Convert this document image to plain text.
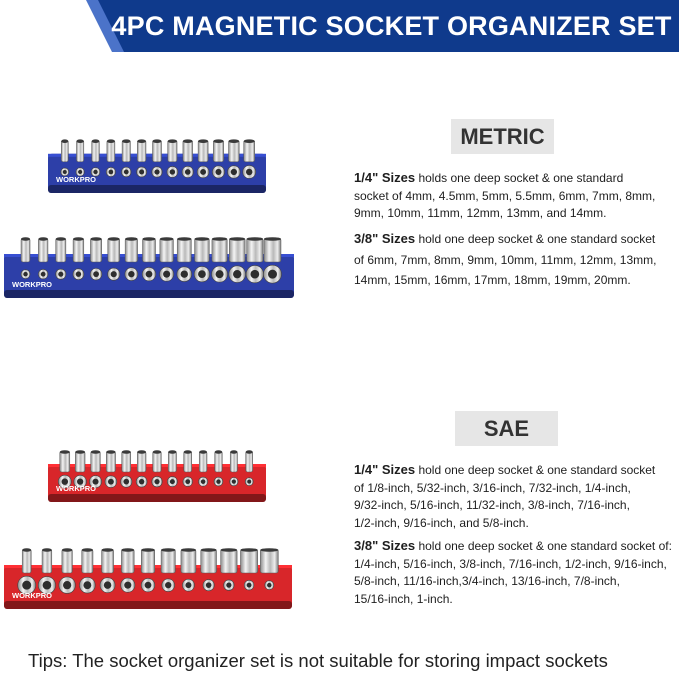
4PC MAGNETIC SOCKET ORGANIZER SET
METRIC
SAE
WORKPRO
WORKPRO
WORKPRO
WORKPRO
1/4" Sizes holds one deep socket & one standard
socket of 4mm, 4.5mm, 5mm, 5.5mm, 6mm, 7mm, 8mm,
9mm, 10mm, 11mm, 12mm, 13mm, and 14mm.
3/8" Sizes hold one deep socket & one standard socket
of 6mm, 7mm, 8mm, 9mm, 10mm, 11mm, 12mm, 13mm,
14mm, 15mm, 16mm, 17mm, 18mm, 19mm, 20mm.
1/4" Sizes hold one deep socket & one standard socket
of 1/8-inch, 5/32-inch, 3/16-inch, 7/32-inch, 1/4-inch,
9/32-inch, 5/16-inch, 11/32-inch, 3/8-inch, 7/16-inch,
1/2-inch, 9/16-inch, and 5/8-inch.
3/8" Sizes hold one deep socket & one standard socket of:
1/4-inch, 5/16-inch, 3/8-inch, 7/16-inch, 1/2-inch, 9/16-inch,
5/8-inch, 11/16-inch,3/4-inch, 13/16-inch, 7/8-inch,
15/16-inch, 1-inch.
Tips: The socket organizer set is not suitable for storing impact sockets
